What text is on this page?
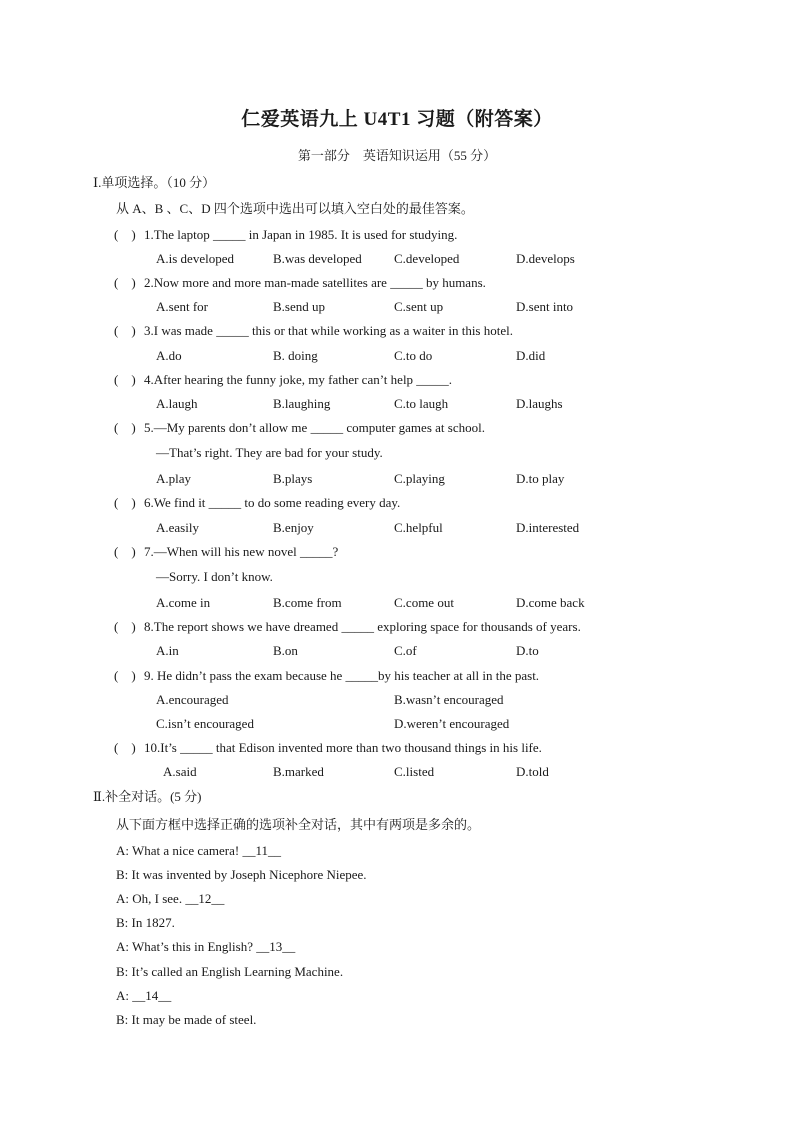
仁爱英语九上 U4T1 习题（附答案）
第一部分　英语知识运用（55 分）
Ⅰ.单项选择。（10 分）
从 A、B 、C、D 四个选项中选出可以填入空白处的最佳答案。
(　) 1.The laptop _____ in Japan in 1985. It is used for studying.
A.is developed	B.was developed C.developed	D.develops
(　) 2.Now more and more man-made satellites are _____ by humans.
A.sent for	B.send up	C.sent up	D.sent into
(　) 3.I was made _____ this or that while working as a waiter in this hotel.
A.do	B. doing	C.to do	D.did
(　) 4.After hearing the funny joke, my father can’t help _____.
A.laugh	B.laughing	C.to laugh	D.laughs
(　) 5.—My parents don’t allow me _____ computer games at school.
—That’s right. They are bad for your study.
A.play	B.plays	C.playing	D.to play
(　) 6.We find it _____ to do some reading every day.
A.easily	B.enjoy	C.helpful	D.interested
(　) 7.—When will his new novel _____?
—Sorry. I don’t know.
A.come in	B.come from	C.come out	D.come back
(　) 8.The report shows we have dreamed _____ exploring space for thousands of years.
A.in	B.on	C.of	D.to
(　) 9. He didn’t pass the exam because he _____by his teacher at all in the past.
A.encouraged	B.wasn’t encouraged
C.isn’t encouraged	D.weren’t encouraged
(　) 10.It’s _____ that Edison invented more than two thousand things in his life.
A.said	B.marked	C.listed	D.told
Ⅱ.补全对话。(5 分)
从下面方框中选择正确的选项补全对话，其中有两项是多余的。
A: What a nice camera! __11__
B: It was invented by Joseph Nicephore Niepee.
A: Oh, I see. __12__
B: In 1827.
A: What’s this in English? __13__
B: It’s called an English Learning Machine.
A: __14__
B: It may be made of steel.
